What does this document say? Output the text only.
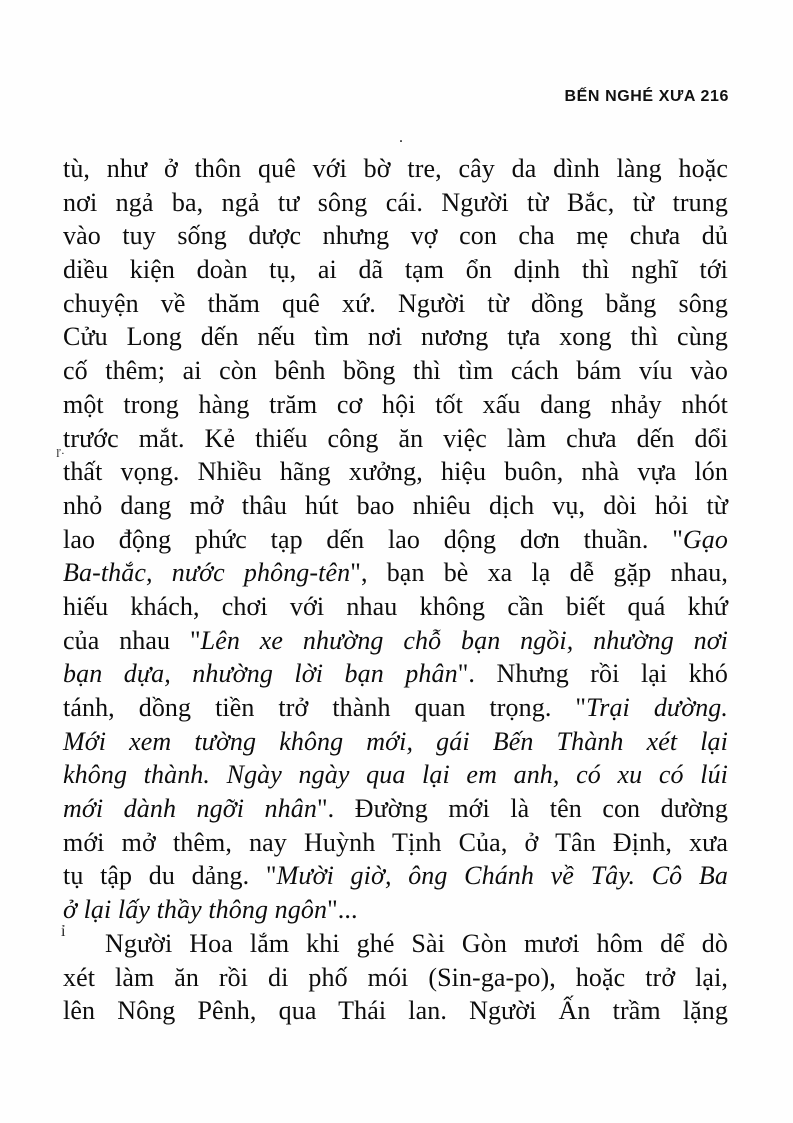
BẾN NGHÉ XƯA 216
tù, như ở thôn quê với bờ tre, cây da dình làng hoặc
nơi ngả ba, ngả tư sông cái. Người từ Bắc, từ trung
vào tuy sống dược nhưng vợ con cha mẹ chưa dủ
diều kiện doàn tụ, ai dã tạm ổn dịnh thì nghĩ tới
chuyện về thăm quê xứ. Người từ dồng bằng sông
Cửu Long dến nếu tìm nơi nương tựa xong thì cùng
cố thêm; ai còn bênh bồng thì tìm cách bám víu vào
một trong hàng trăm cơ hội tốt xấu dang nhảy nhót
trước mắt. Kẻ thiếu công ăn việc làm chưa dến dổi
thất vọng. Nhiều hãng xưởng, hiệu buôn, nhà vựa lón
nhỏ dang mở thâu hút bao nhiêu dịch vụ, dòi hỏi từ
lao động phức tạp dến lao dộng dơn thuần. "Gạo
Ba-thắc, nước phông-tên", bạn bè xa lạ dễ gặp nhau,
hiếu khách, chơi với nhau không cần biết quá khứ
của nhau "Lên xe nhường chỗ bạn ngồi, nhường nơi
bạn dựa, nhường lời bạn phân". Nhưng rồi lại khó
tánh, dồng tiền trở thành quan trọng. "Trại dường.
Mới xem tường không mới, gái Bến Thành xét lại
không thành. Ngày ngày qua lại em anh, có xu có lúi
mới dành ngỡi nhân". Đường mới là tên con dường
mới mở thêm, nay Huỳnh Tịnh Của, ở Tân Định, xưa
tụ tập du dảng. "Mười giờ, ông Chánh về Tây. Cô Ba
ở lại lấy thầy thông ngôn"...
Người Hoa lắm khi ghé Sài Gòn mươi hôm dể dò
xét làm ăn rồi di phố mói (Sin-ga-po), hoặc trở lại,
lên Nông Pênh, qua Thái lan. Người Ấn trầm lặng
ľ·
ỉ
.
